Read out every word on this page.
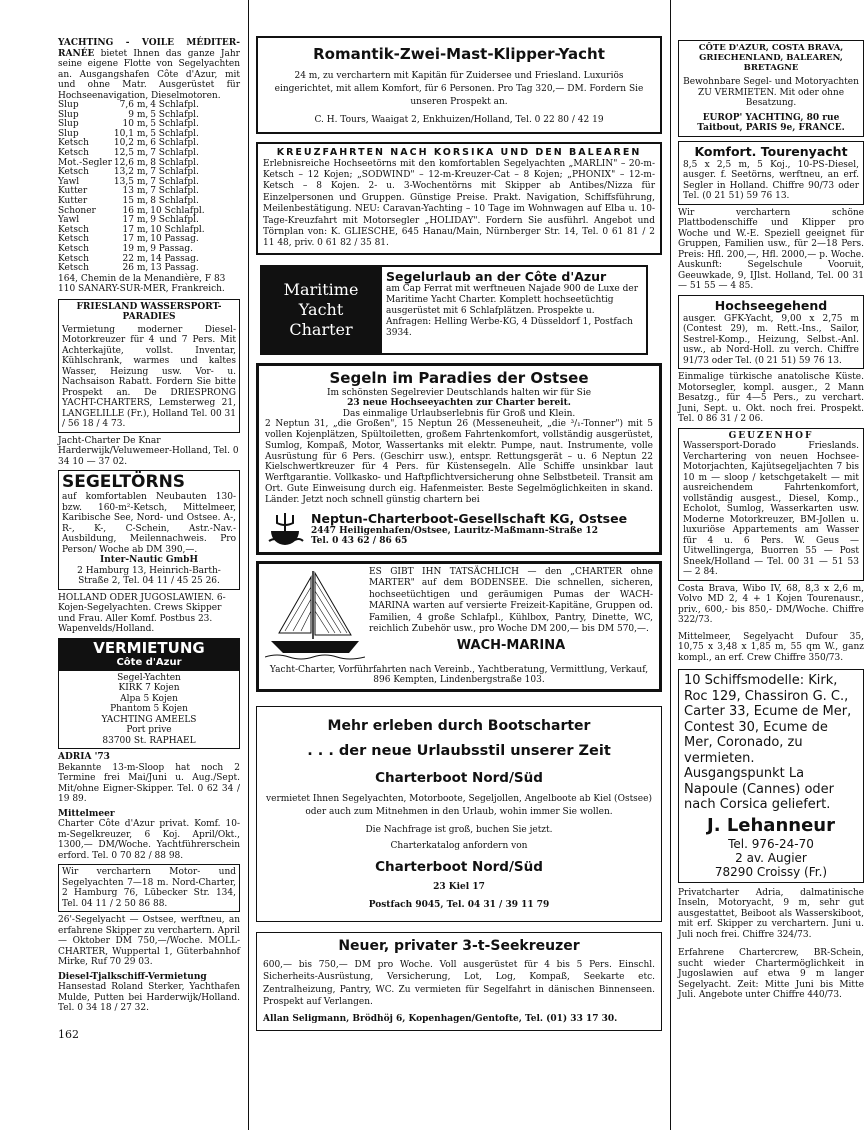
YACHTING - VOILE MÉDITER-RANÉE bietet Ihnen das ganze Jahr seine eigene Flotte von Segelyachten an. Ausgangshafen Côte d'Azur, mit und ohne Matr. Ausgerüstet für Hochseenavigation, Dieselmotoren.
Slup	7,6 m,	4 Schlafpl.
Slup	9 m,	5 Schlafpl.
Slup	10 m,	5 Schlafpl.
Slup	10,1 m,	5 Schlafpl.
Ketsch	10,2 m,	6 Schlafpl.
Ketsch	12,5 m,	7 Schlafpl.
Mot.-Segler	12,6 m,	8 Schlafpl.
Ketsch	13,2 m,	7 Schlafpl.
Yawl	13,5 m,	7 Schlafpl.
Kutter	13 m,	7 Schlafpl.
Kutter	15 m,	8 Schlafpl.
Schoner	16 m,	10 Schlafpl.
Yawl	17 m,	9 Schlafpl.
Ketsch	17 m,	10 Schlafpl.
Ketsch	17 m,	10 Passag.
Ketsch	19 m,	9 Passag.
Ketsch	22 m,	14 Passag.
Ketsch	26 m,	13 Passag.
164, Chemin de la Menandière, F 83 110 SANARY-SUR-MER, Frankreich.
FRIESLAND WASSERSPORT-PARADIES
Vermietung moderner Diesel-Motorkreuzer für 4 und 7 Pers. Mit Achterkajüte, vollst. Inventar, Kühlschrank, warmes und kaltes Wasser, Heizung usw. Vor- u. Nachsaison Rabatt. Fordern Sie bitte Prospekt an. De DRIESPRONG YACHT-CHARTERS, Lemsterweg 21, LANGELILLE (Fr.), Holland Tel. 00 31 / 56 18 / 4 73.
Jacht-Charter De Knar Harderwijk/Veluwemeer-Holland, Tel. 0 34 10 — 37 02.
SEGELTÖRNS
auf komfortablen Neubauten 130- bzw. 160-m²-Ketsch, Mittelmeer, Karibische See, Nord- und Ostsee. A-, R-, K-, C-Schein, Astr.-Nav.-Ausbildung, Meilennachweis. Pro Person/ Woche ab DM 390,—.
Inter-Nautic GmbH
2 Hamburg 13, Heinrich-Barth-Straße 2, Tel. 04 11 / 45 25 26.
HOLLAND ODER JUGOSLAWIEN. 6-Kojen-Segelyachten. Crews Skipper und Frau. Aller Komf. Postbus 23. Wapenvelds/Holland.
VERMIETUNG
Côte d'Azur
Segel-Yachten
KIRK 7 Kojen
Alpa 5 Kojen
Phantom 5 Kojen
YACHTING AMEELS
Port prive
83700 St. RAPHAEL
ADRIA '73
Bekannte 13-m-Sloop hat noch 2 Termine frei Mai/Juni u. Aug./Sept. Mit/ohne Eigner-Skipper. Tel. 0 62 34 / 19 89.
Mittelmeer
Charter Côte d'Azur privat. Komf. 10-m-Segelkreuzer, 6 Koj. April/Okt., 1300,— DM/Woche. Yachtführerschein erford. Tel. 0 70 82 / 88 98.
Wir verchartern Motor- und Segelyachten 7—18 m. Nord-Charter, 2 Hamburg 76, Lübecker Str. 134, Tel. 04 11 / 2 50 86 88.
26'-Segelyacht — Ostsee, werftneu, an erfahrene Skipper zu verchartern. April — Oktober DM 750,—/Woche. MOLL-CHARTER, Wuppertal 1, Güterbahnhof Mirke, Ruf 70 29 03.
Diesel-Tjalkschiff-Vermietung
Hansestad Roland Sterker, Yachthafen Mulde, Putten bei Harderwijk/Holland. Tel. 0 34 18 / 27 32.
162
Romantik-Zwei-Mast-Klipper-Yacht
24 m, zu verchartern mit Kapitän für Zuidersee und Friesland. Luxuriös eingerichtet, mit allem Komfort, für 6 Personen. Pro Tag 320,— DM. Fordern Sie unseren Prospekt an.
C. H. Tours, Waaigat 2, Enkhuizen/Holland, Tel. 0 22 80 / 42 19
KREUZFAHRTEN NACH KORSIKA UND DEN BALEAREN
Erlebnisreiche Hochseetörns mit den komfortablen Segelyachten „MARLIN" – 20-m-Ketsch – 12 Kojen; „SODWIND" – 12-m-Kreuzer-Cat – 8 Kojen; „PHONIX" – 12-m-Ketsch – 8 Kojen. 2- u. 3-Wochentörns mit Skipper ab Antibes/Nizza für Einzelpersonen und Gruppen. Günstige Preise. Prakt. Navigation, Schiffsführung, Meilenbestätigung. NEU: Caravan-Yachting – 10 Tage im Wohnwagen auf Elba u. 10-Tage-Kreuzfahrt mit Motorsegler „HOLIDAY". Fordern Sie ausführl. Angebot und Törnplan von: K. GLIESCHE, 645 Hanau/Main, Nürnberger Str. 14, Tel. 0 61 81 / 2 11 48, priv. 0 61 82 / 35 81.
Maritime
Yacht
Charter
Segelurlaub an der Côte d'Azur
am Cap Ferrat mit werftneuen Najade 900 de Luxe der Maritime Yacht Charter. Komplett hochseetüchtig ausgerüstet mit 6 Schlafplätzen. Prospekte u. Anfragen: Helling Werbe-KG, 4 Düsseldorf 1, Postfach 3934.
Segeln im Paradies der Ostsee
Im schönsten Segelrevier Deutschlands halten wir für Sie
23 neue Hochseeyachten zur Charter bereit.
Das einmalige Urlaubserlebnis für Groß und Klein.
2 Neptun 31, „die Großen", 15 Neptun 26 (Messeneuheit, „die ³/₁-Tonner") mit 5 vollen Kojenplätzen, Spültoiletten, großem Fahrtenkomfort, vollständig ausgerüstet, Sumlog, Kompaß, Motor, Wassertanks mit elektr. Pumpe, naut. Instrumente, volle Ausrüstung für 6 Pers. (Geschirr usw.), entspr. Rettungsgerät – u. 6 Neptun 22 Kielschwertkreuzer für 4 Pers. für Küstensegeln. Alle Schiffe unsinkbar laut Werftgarantie. Vollkasko- und Haftpflichtversicherung ohne Selbstbeteil. Transit am Ort. Gute Einweisung durch eig. Hafenmeister. Beste Segelmöglichkeiten in skand. Länder. Jetzt noch schnell günstig chartern bei
Neptun-Charterboot-Gesellschaft KG, Ostsee
2447 Heiligenhafen/Ostsee, Lauritz-Maßmann-Straße 12
Tel. 0 43 62 / 86 65
ES GIBT IHN TATSÄCHLICH — den „CHARTER ohne MARTER" auf dem BODENSEE. Die schnellen, sicheren, hochseetüchtigen und geräumigen Pumas der WACH-MARINA warten auf versierte Freizeit-Kapitäne, Gruppen od. Familien, 4 große Schlafpl., Kühlbox, Pantry, Dinette, WC, reichlich Zubehör usw., pro Woche DM 200,— bis DM 570,—.
WACH-MARINA
Yacht-Charter, Vorführfahrten nach Vereinb., Yachtberatung, Vermittlung, Verkauf, 896 Kempten, Lindenbergstraße 103.
Mehr erleben durch Bootscharter
. . . der neue Urlaubsstil unserer Zeit
Charterboot Nord/Süd
vermietet Ihnen Segelyachten, Motorboote, Segeljollen, Angelboote ab Kiel (Ostsee) oder auch zum Mitnehmen in den Urlaub, wohin immer Sie wollen.
Die Nachfrage ist groß, buchen Sie jetzt.
Charterkatalog anfordern von
Charterboot Nord/Süd
23 Kiel 17
Postfach 9045, Tel. 04 31 / 39 11 79
Neuer, privater 3-t-Seekreuzer
600,— bis 750,— DM pro Woche. Voll ausgerüstet für 4 bis 5 Pers. Einschl. Sicherheits-Ausrüstung, Versicherung, Lot, Log, Kompaß, Seekarte etc. Zentralheizung, Pantry, WC. Zu vermieten für Segelfahrt in dänischen Binnenseen. Prospekt auf Verlangen.
Allan Seligmann, Brödhöj 6, Kopenhagen/Gentofte, Tel. (01) 33 17 30.
CÔTE D'AZUR, COSTA BRAVA, GRIECHENLAND, BALEAREN, BRETAGNE
Bewohnbare Segel- und Motoryachten ZU VERMIETEN. Mit oder ohne Besatzung.
EUROP' YACHTING, 80 rue Taitbout, PARIS 9e, FRANCE.
Komfort. Tourenyacht
8,5 x 2,5 m, 5 Koj., 10-PS-Diesel, ausger. f. Seetörns, werftneu, an erf. Segler in Holland. Chiffre 90/73 oder Tel. (0 21 51) 59 76 13.
Wir verchartern schöne Plattbodenschiffe und Klipper pro Woche und W.-E. Speziell geeignet für Gruppen, Familien usw., für 2—18 Pers. Preis: Hfl. 200,—, Hfl. 2000,— p. Woche. Auskunft: Segelschule Vooruit, Geeuwkade, 9, IJlst. Holland, Tel. 00 31 — 51 55 — 4 85.
Hochseegehend
ausger. GFK-Yacht, 9,00 x 2,75 m (Contest 29), m. Rett.-Ins., Sailor, Sestrel-Komp., Heizung, Selbst.-Anl. usw., ab Nord-Holl. zu verch. Chiffre 91/73 oder Tel. (0 21 51) 59 76 13.
Einmalige türkische anatolische Küste. Motorsegler, kompl. ausger., 2 Mann Besatzg., für 4—5 Pers., zu verchart. Juni, Sept. u. Okt. noch frei. Prospekt. Tel. 0 86 31 / 2 06.
GEUZENHOF
Wassersport-Dorado Frieslands. Verchartering von neuen Hochsee-Motorjachten, Kajütsegeljachten 7 bis 10 m — sloop / ketschgetakelt — mit ausreichendem Fahrtenkomfort, vollständig ausgest., Diesel, Komp., Echolot, Sumlog, Wasserkarten usw. Moderne Motorkreuzer, BM-Jollen u. luxuriöse Appartements am Wasser für 4 u. 6 Pers. W. Geus — Uitwellingerga, Buorren 55 — Post Sneek/Holland — Tel. 00 31 — 51 53 — 2 84.
Costa Brava, Wibo IV, 68, 8,3 x 2,6 m, Volvo MD 2, 4 + 1 Kojen Tourenausr., priv., 600,- bis 850,- DM/Woche. Chiffre 322/73.
Mittelmeer, Segelyacht Dufour 35, 10,75 x 3,48 x 1,85 m, 55 qm W., ganz kompl., an erf. Crew Chiffre 350/73.
10 Schiffsmodelle: Kirk, Roc 129, Chassiron G. C., Carter 33, Ecume de Mer, Contest 30, Ecume de Mer, Coronado, zu vermieten. Ausgangspunkt La Napoule (Cannes) oder nach Corsica geliefert.
J. Lehanneur
Tel. 976-24-70
2 av. Augier
78290 Croissy (Fr.)
Privatcharter Adria, dalmatinische Inseln, Motoryacht, 9 m, sehr gut ausgestattet, Beiboot als Wasserskiboot, mit erf. Skipper zu verchartern. Juni u. Juli noch frei. Chiffre 324/73.
Erfahrene Chartercrew, BR-Schein, sucht wieder Chartermöglichkeit in Jugoslawien auf etwa 9 m langer Segelyacht. Zeit: Mitte Juni bis Mitte Juli. Angebote unter Chiffre 440/73.
